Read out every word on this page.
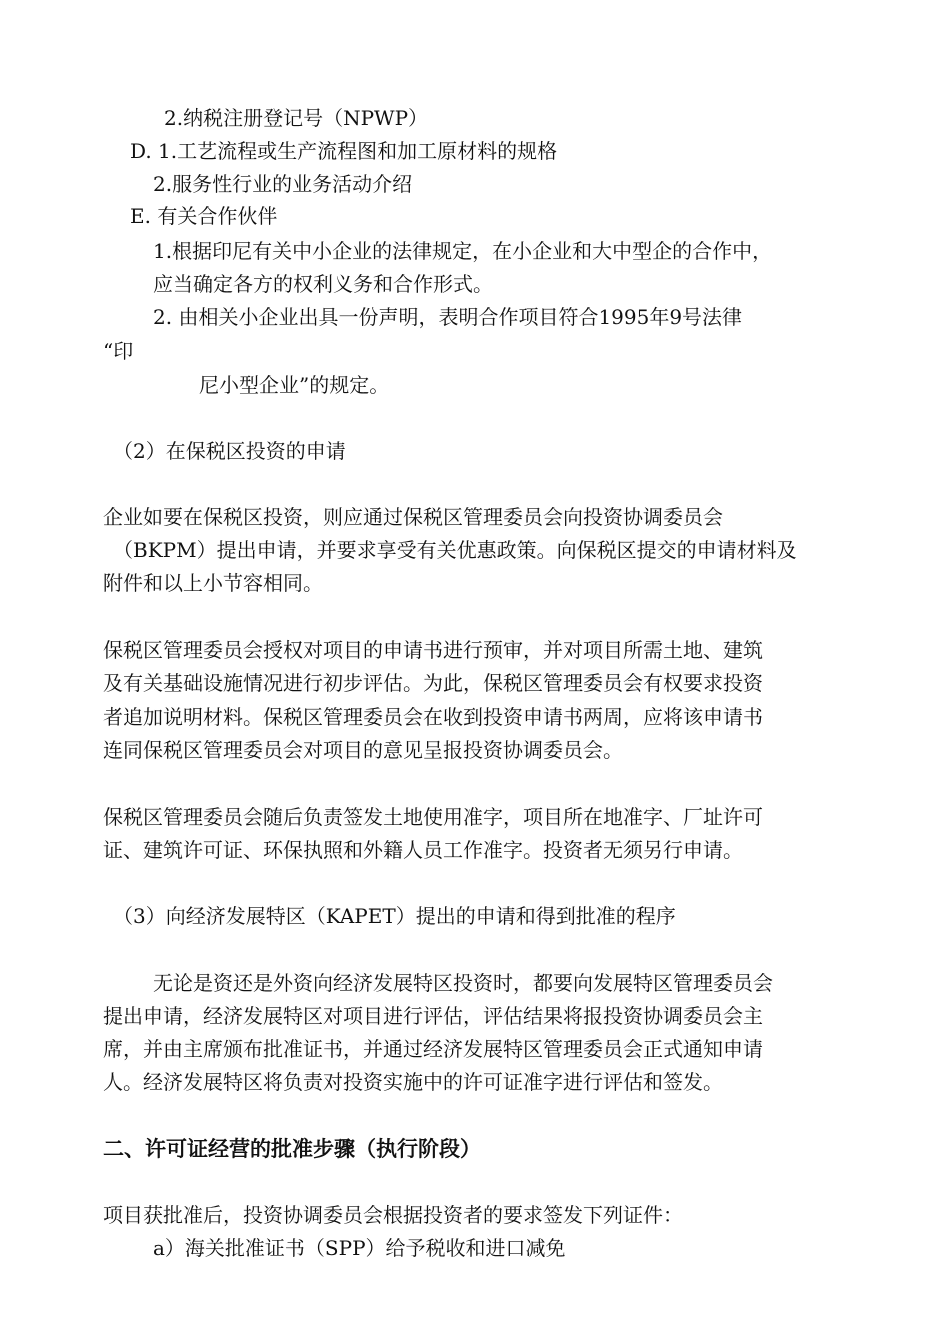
2.纳税注册登记号（NPWP）
D. 1.工艺流程或生产流程图和加工原材料的规格
2.服务性行业的业务活动介绍
E. 有关合作伙伴
1.根据印尼有关中小企业的法律规定，在小企业和大中型企的合作中，
应当确定各方的权利义务和合作形式。
2. 由相关小企业出具一份声明，表明合作项目符合1995年9号法律
“印
尼小型企业”的规定。
（2）在保税区投资的申请
企业如要在保税区投资，则应通过保税区管理委员会向投资协调委员会
（BKPM）提出申请，并要求享受有关优惠政策。向保税区提交的申请材料及
附件和以上小节容相同。
保税区管理委员会授权对项目的申请书进行预审，并对项目所需土地、建筑
及有关基础设施情况进行初步评估。为此，保税区管理委员会有权要求投资
者追加说明材料。保税区管理委员会在收到投资申请书两周，应将该申请书
连同保税区管理委员会对项目的意见呈报投资协调委员会。
保税区管理委员会随后负责签发土地使用准字，项目所在地准字、厂址许可
证、建筑许可证、环保执照和外籍人员工作准字。投资者无须另行申请。
（3）向经济发展特区（KAPET）提出的申请和得到批准的程序
无论是资还是外资向经济发展特区投资时，都要向发展特区管理委员会
提出申请，经济发展特区对项目进行评估，评估结果将报投资协调委员会主
席，并由主席颁布批准证书，并通过经济发展特区管理委员会正式通知申请
人。经济发展特区将负责对投资实施中的许可证准字进行评估和签发。
二、许可证经营的批准步骤（执行阶段）
项目获批准后，投资协调委员会根据投资者的要求签发下列证件：
a）海关批准证书（SPP）给予税收和进口减免
